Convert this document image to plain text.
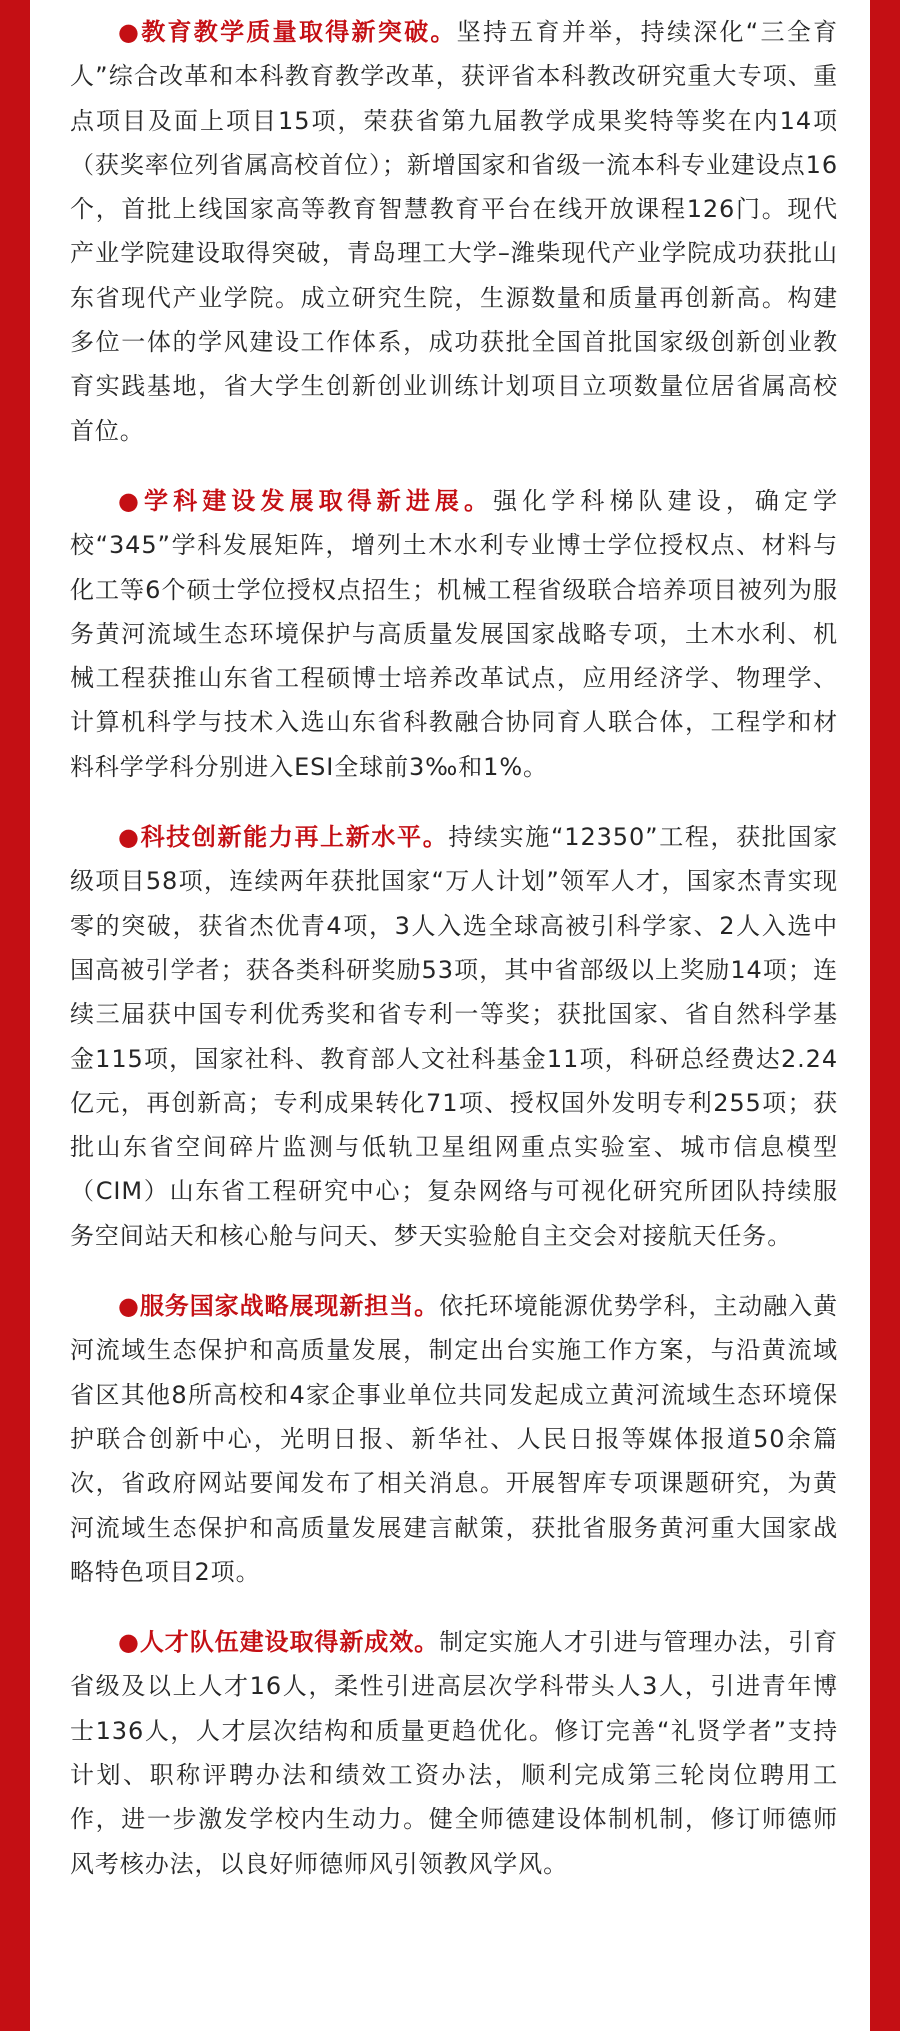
●教育教学质量取得新突破。坚持五育并举，持续深化“三全育人”综合改革和本科教育教学改革，获评省本科教改研究重大专项、重点项目及面上项目15项，荣获省第九届教学成果奖特等奖在内14项（获奖率位列省属高校首位）；新增国家和省级一流本科专业建设点16个，首批上线国家高等教育智慧教育平台在线开放课程126门。现代产业学院建设取得突破，青岛理工大学–潍柴现代产业学院成功获批山东省现代产业学院。成立研究生院，生源数量和质量再创新高。构建多位一体的学风建设工作体系，成功获批全国首批国家级创新创业教育实践基地，省大学生创新创业训练计划项目立项数量位居省属高校首位。

●学科建设发展取得新进展。强化学科梯队建设，确定学校“345”学科发展矩阵，增列土木水利专业博士学位授权点、材料与化工等6个硕士学位授权点招生；机械工程省级联合培养项目被列为服务黄河流域生态环境保护与高质量发展国家战略专项，土木水利、机械工程获推山东省工程硕博士培养改革试点，应用经济学、物理学、计算机科学与技术入选山东省科教融合协同育人联合体，工程学和材料科学学科分别进入ESI全球前3‰和1%。

●科技创新能力再上新水平。持续实施“12350”工程，获批国家级项目58项，连续两年获批国家“万人计划”领军人才，国家杰青实现零的突破，获省杰优青4项，3人入选全球高被引科学家、2人入选中国高被引学者；获各类科研奖励53项，其中省部级以上奖励14项；连续三届获中国专利优秀奖和省专利一等奖；获批国家、省自然科学基金115项，国家社科、教育部人文社科基金11项，科研总经费达2.24亿元，再创新高；专利成果转化71项、授权国外发明专利255项；获批山东省空间碎片监测与低轨卫星组网重点实验室、城市信息模型（CIM）山东省工程研究中心；复杂网络与可视化研究所团队持续服务空间站天和核心舱与问天、梦天实验舱自主交会对接航天任务。

●服务国家战略展现新担当。依托环境能源优势学科，主动融入黄河流域生态保护和高质量发展，制定出台实施工作方案，与沿黄流域省区其他8所高校和4家企事业单位共同发起成立黄河流域生态环境保护联合创新中心，光明日报、新华社、人民日报等媒体报道50余篇次，省政府网站要闻发布了相关消息。开展智库专项课题研究，为黄河流域生态保护和高质量发展建言献策，获批省服务黄河重大国家战略特色项目2项。

●人才队伍建设取得新成效。制定实施人才引进与管理办法，引育省级及以上人才16人，柔性引进高层次学科带头人3人，引进青年博士136人，人才层次结构和质量更趋优化。修订完善“礼贤学者”支持计划、职称评聘办法和绩效工资办法，顺利完成第三轮岗位聘用工作，进一步激发学校内生动力。健全师德建设体制机制，修订师德师风考核办法，以良好师德师风引领教风学风。
